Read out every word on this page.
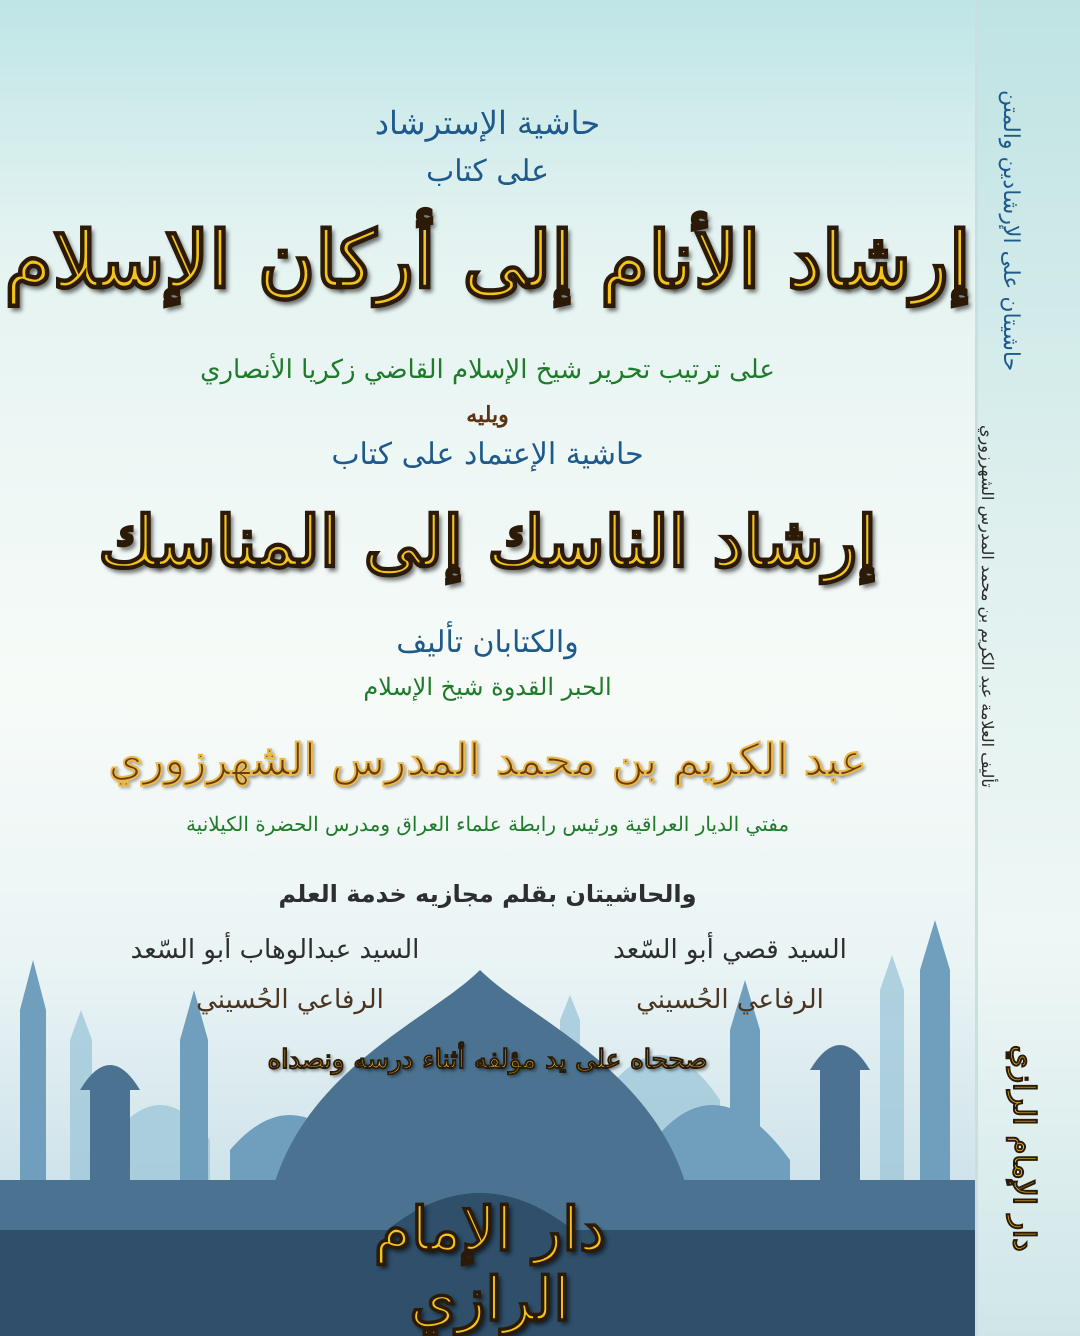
حاشية الإسترشاد
على كتاب
إرشاد الأنام إلى أركان الإسلام
على ترتيب تحرير شيخ الإسلام القاضي زكريا الأنصاري
ويليه
حاشية الإعتماد على كتاب
إرشاد الناسك إلى المناسك
والكتابان تأليف
الحبر القدوة شيخ الإسلام
عبد الكريم بن محمد المدرس الشهرزوري
مفتي الديار العراقية ورئيس رابطة علماء العراق ومدرس الحضرة الكيلانية
والحاشيتان بقلم مجازيه خدمة العلم
السيد قصي أبو السّعد
الرفاعي الحُسيني
السيد عبدالوهاب أبو السّعد
الرفاعي الحُسيني
صححاه على يد مؤلفه أثناء درسه ونصداه
دار الإمام الرازي
حاشيتان على الإرشادين والمتن
تأليف العلامة عبد الكريم بن محمد المدرس الشهرزوري
دار الإمام الرازي
